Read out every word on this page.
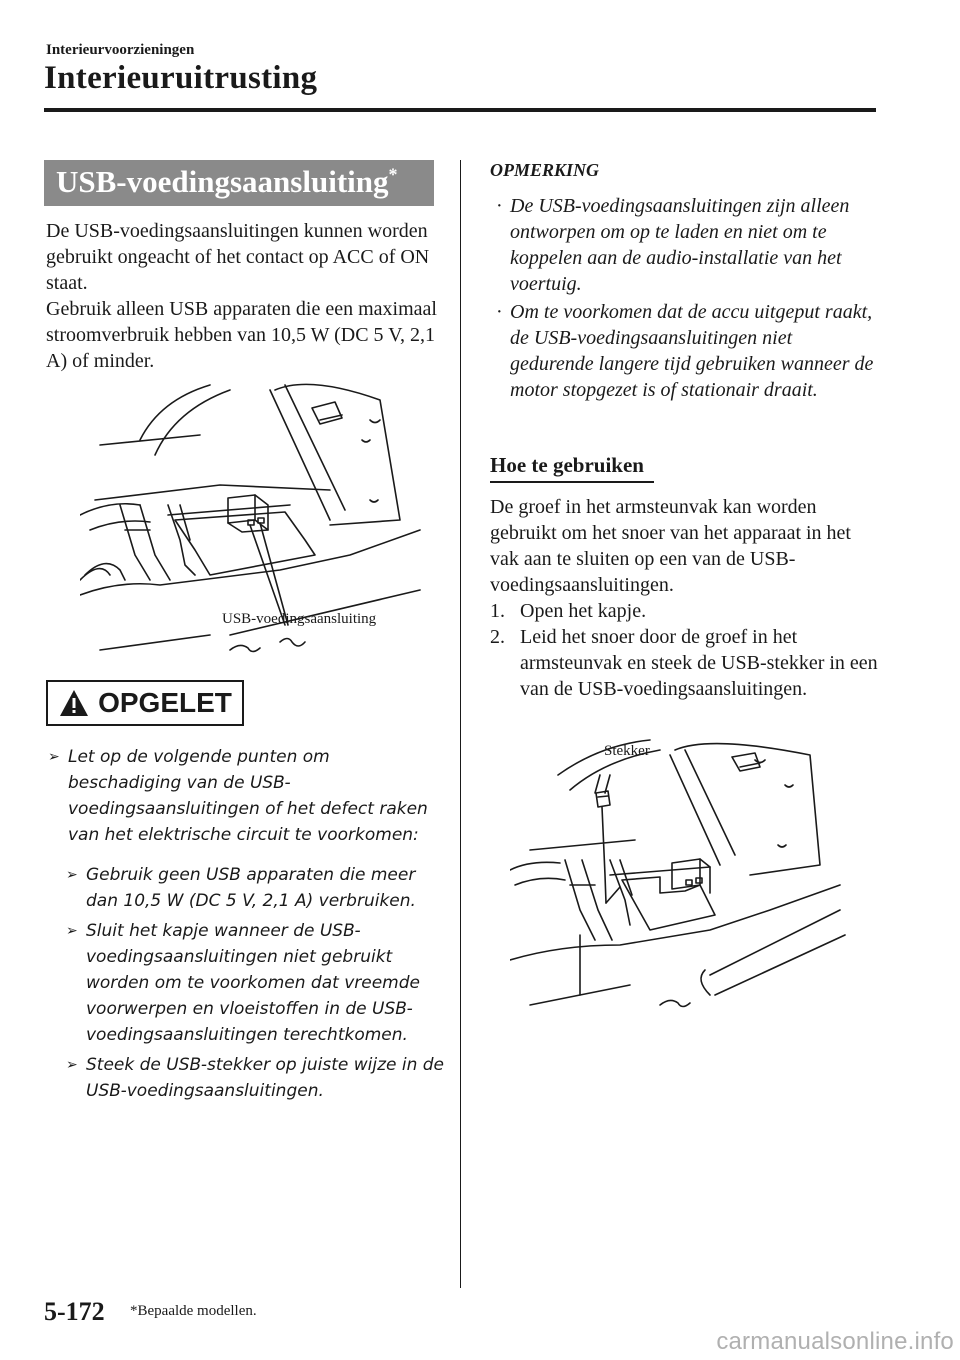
Interieurvoorzieningen
Interieuruitrusting
USB-voedingsaansluiting*
De USB-voedingsaansluitingen kunnen worden gebruikt ongeacht of het contact op ACC of ON staat.
Gebruik alleen USB apparaten die een maximaal stroomverbruik hebben van 10,5 W (DC 5 V, 2,1 A) of minder.
USB-voedingsaansluiting
OPGELET
➢ Let op de volgende punten om beschadiging van de USB-voedingsaansluitingen of het defect raken van het elektrische circuit te voorkomen:
➢ Gebruik geen USB apparaten die meer dan 10,5 W (DC 5 V, 2,1 A) verbruiken.
➢ Sluit het kapje wanneer de USB-voedingsaansluitingen niet gebruikt worden om te voorkomen dat vreemde voorwerpen en vloeistoffen in de USB-voedingsaansluitingen terechtkomen.
➢ Steek de USB-stekker op juiste wijze in de USB-voedingsaansluitingen.
OPMERKING
· De USB-voedingsaansluitingen zijn alleen ontworpen om op te laden en niet om te koppelen aan de audio-installatie van het voertuig.
· Om te voorkomen dat de accu uitgeput raakt, de USB-voedingsaansluitingen niet gedurende langere tijd gebruiken wanneer de motor stopgezet is of stationair draait.
Hoe te gebruiken
De groef in het armsteunvak kan worden gebruikt om het snoer van het apparaat in het vak aan te sluiten op een van de USB-voedingsaansluitingen.
1. Open het kapje.
2. Leid het snoer door de groef in het armsteunvak en steek de USB-stekker in een van de USB-voedingsaansluitingen.
Stekker
5-172 *Bepaalde modellen.
carmanualsonline.info
